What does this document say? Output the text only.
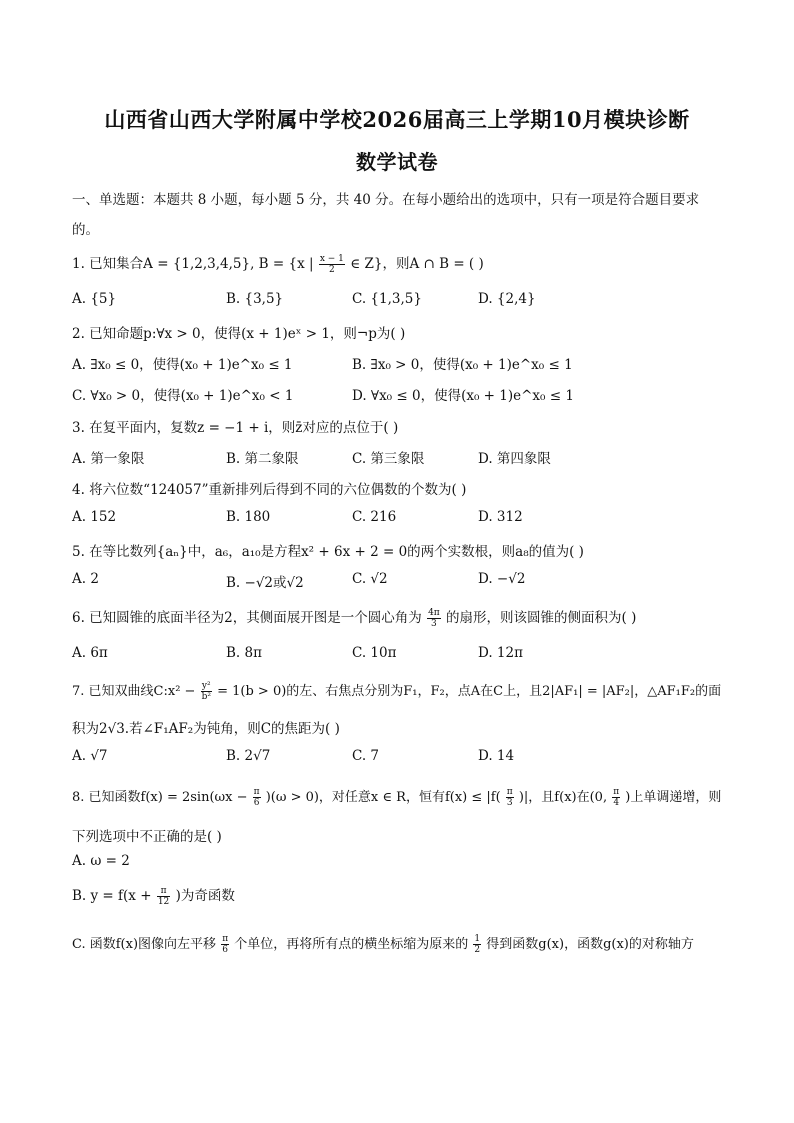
山西省山西大学附属中学校2026届高三上学期10月模块诊断
数学试卷
一、单选题：本题共 8 小题，每小题 5 分，共 40 分。在每小题给出的选项中，只有一项是符合题目要求
的。
1. 已知集合A = {1,2,3,4,5}, B = {x | $\frac{x - 1}{2}$ ∈ Z}，则A ∩ B = ( )
A. {5}	B. {3,5}	C. {1,3,5}	D. {2,4}
2. 已知命题p:∀x > 0，使得(x + 1)eˣ > 1，则¬p为( )
A. ∃x₀ ≤ 0，使得(x₀ + 1)e^x₀ ≤ 1	B. ∃x₀ > 0，使得(x₀ + 1)e^x₀ ≤ 1
C. ∀x₀ > 0，使得(x₀ + 1)e^x₀ < 1	D. ∀x₀ ≤ 0，使得(x₀ + 1)e^x₀ ≤ 1
3. 在复平面内，复数z = −1 + i，则z̄对应的点位于( )
A. 第一象限	B. 第二象限	C. 第三象限	D. 第四象限
4. 将六位数“124057”重新排列后得到不同的六位偶数的个数为( )
A. 152	B. 180	C. 216	D. 312
5. 在等比数列{aₙ}中，a₆，a₁₀是方程x² + 6x + 2 = 0的两个实数根，则a₈的值为( )
A. 2	B. −√2或√2	C. √2	D. −√2
6. 已知圆锥的底面半径为2，其侧面展开图是一个圆心角为 $\frac{4\pi}{3}$ 的扇形，则该圆锥的侧面积为( )
A. 6π	B. 8π	C. 10π	D. 12π
7. 已知双曲线C:x² − $\frac{\text{y²}}{\text{b²}} = 1(b > 0)$的左、右焦点分别为F₁，F₂，点A在C上，且2|AF₁| = |AF₂|，△AF₁F₂的面
积为2√3.若∠F₁AF₂为钝角，则C的焦距为( )
A. √7	B. 2√7	C. 7	D. 14
8. 已知函数$f(x) = 2\sin(\omega x - \frac{\pi}{6} )(\omega > 0)$，对任意x ∈ R，恒有$f(x) \le |f( \frac{\pi}{3}$ )|，且f(x)在(0, $\frac{\pi}{4}$ )上单调递增，则
下列选项中不正确的是( )
A. ω = 2
B. $y = f(x + \frac{\pi}{12}$ )为奇函数
C. 函数f(x)图像向左平移 $\frac{\pi}{6}$ 个单位，再将所有点的横坐标缩为原来的 $\frac{1}{2}$ 得到函数g(x)，函数g(x)的对称轴方
